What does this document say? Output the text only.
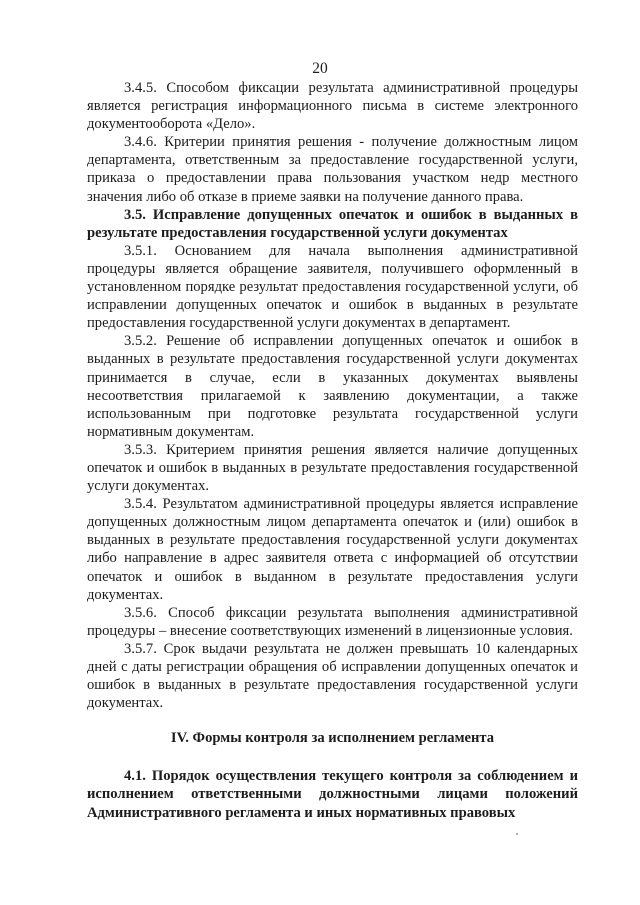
20

3.4.5. Способом фиксации результата административной процедуры является регистрация информационного письма в системе электронного документооборота «Дело».

3.4.6. Критерии принятия решения - получение должностным лицом департамента, ответственным за предоставление государственной услуги, приказа о предоставлении права пользования участком недр местного значения либо об отказе в приеме заявки на получение данного права.

3.5. Исправление допущенных опечаток и ошибок в выданных в результате предоставления государственной услуги документах

3.5.1. Основанием для начала выполнения административной процедуры является обращение заявителя, получившего оформленный в установленном порядке результат предоставления государственной услуги, об исправлении допущенных опечаток и ошибок в выданных в результате предоставления государственной услуги документах в департамент.

3.5.2. Решение об исправлении допущенных опечаток и ошибок в выданных в результате предоставления государственной услуги документах принимается в случае, если в указанных документах выявлены несоответствия прилагаемой к заявлению документации, а также использованным при подготовке результата государственной услуги нормативным документам.

3.5.3. Критерием принятия решения является наличие допущенных опечаток и ошибок в выданных в результате предоставления государственной услуги документах.

3.5.4. Результатом административной процедуры является исправление допущенных должностным лицом департамента опечаток и (или) ошибок в выданных в результате предоставления государственной услуги документах либо направление в адрес заявителя ответа с информацией об отсутствии опечаток и ошибок в выданном в результате предоставления услуги документах.

3.5.6. Способ фиксации результата выполнения административной процедуры – внесение соответствующих изменений в лицензионные условия.

3.5.7. Срок выдачи результата не должен превышать 10 календарных дней с даты регистрации обращения об исправлении допущенных опечаток и ошибок в выданных в результате предоставления государственной услуги документах.

IV. Формы контроля за исполнением регламента

4.1. Порядок осуществления текущего контроля за соблюдением и исполнением ответственными должностными лицами положений Административного регламента и иных нормативных правовых
